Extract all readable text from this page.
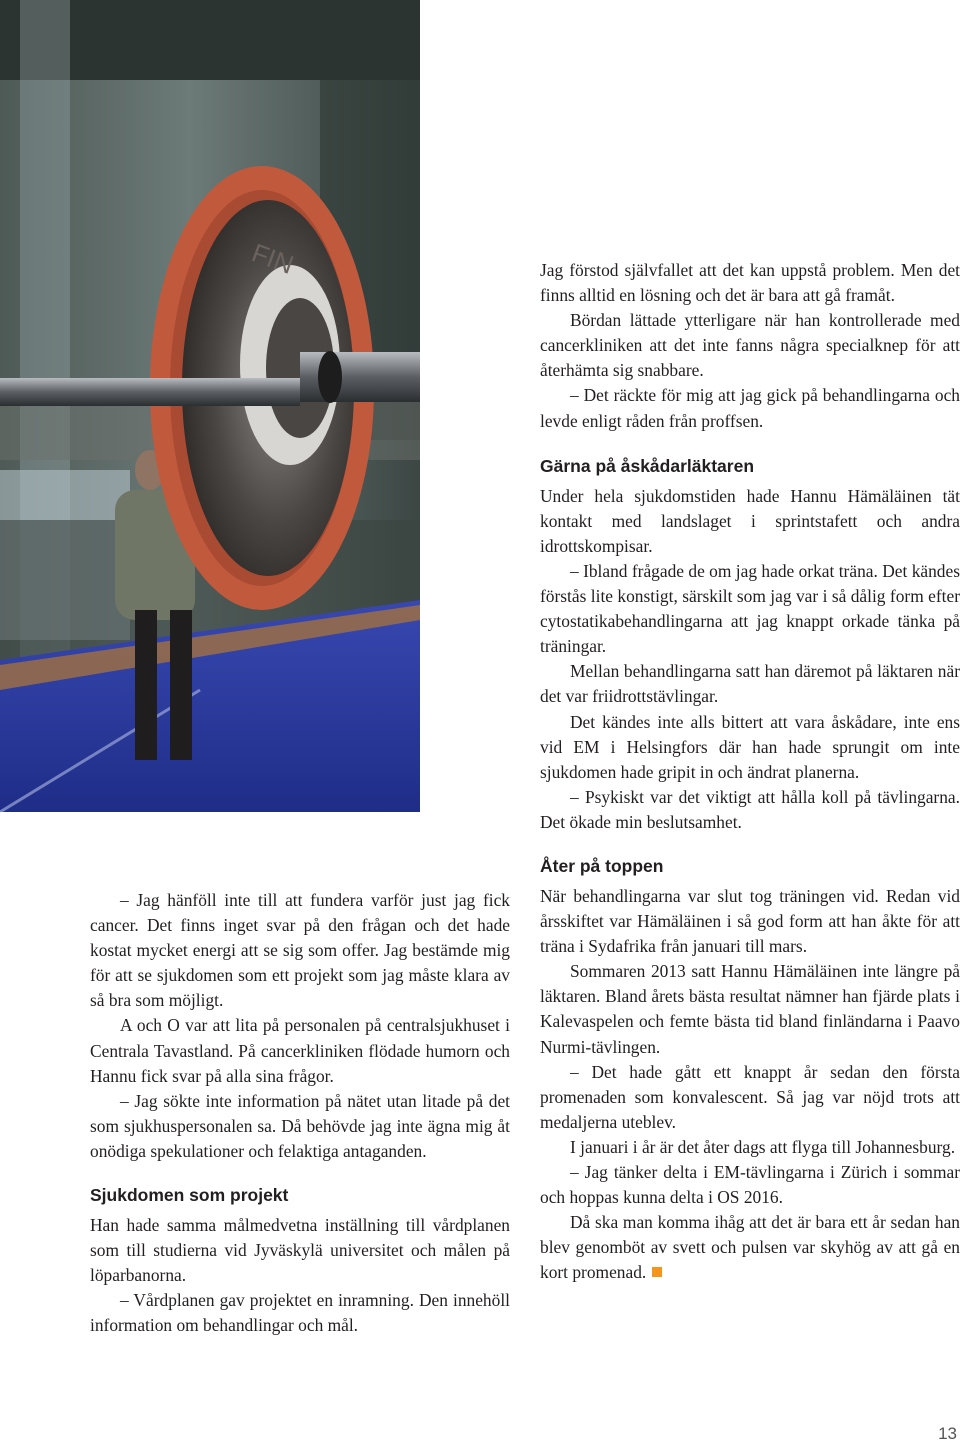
FIN

– Jag hänföll inte till att fundera varför just jag fick cancer. Det finns inget svar på den frågan och det hade kostat mycket energi att se sig som offer. Jag bestämde mig för att se sjukdomen som ett projekt som jag måste klara av så bra som möjligt.

A och O var att lita på personalen på centralsjukhuset i Centrala Tavastland. På cancerkliniken flödade humorn och Hannu fick svar på alla sina frågor.

– Jag sökte inte information på nätet utan litade på det som sjukhuspersonalen sa. Då behövde jag inte ägna mig åt onödiga spekulationer och felaktiga antaganden.

Sjukdomen som projekt

Han hade samma målmedvetna inställning till vårdplanen som till studierna vid Jyväskylä universitet och målen på löparbanorna.

– Vårdplanen gav projektet en inramning. Den innehöll information om behandlingar och mål.

Jag förstod självfallet att det kan uppstå problem. Men det finns alltid en lösning och det är bara att gå framåt.

Bördan lättade ytterligare när han kontrollerade med cancerkliniken att det inte fanns några specialknep för att återhämta sig snabbare.

– Det räckte för mig att jag gick på behandlingarna och levde enligt råden från proffsen.

Gärna på åskådarläktaren

Under hela sjukdomstiden hade Hannu Hämäläinen tät kontakt med landslaget i sprintstafett och andra idrottskompisar.

– Ibland frågade de om jag hade orkat träna. Det kändes förstås lite konstigt, särskilt som jag var i så dålig form efter cytostatikabehandlingarna att jag knappt orkade tänka på träningar.

Mellan behandlingarna satt han däremot på läktaren när det var friidrottstävlingar.

Det kändes inte alls bittert att vara åskådare, inte ens vid EM i Helsingfors där han hade sprungit om inte sjukdomen hade gripit in och ändrat planerna.

– Psykiskt var det viktigt att hålla koll på tävlingarna. Det ökade min beslutsamhet.

Åter på toppen

När behandlingarna var slut tog träningen vid. Redan vid årsskiftet var Hämäläinen i så god form att han åkte för att träna i Sydafrika från januari till mars.

Sommaren 2013 satt Hannu Hämäläinen inte längre på läktaren. Bland årets bästa resultat nämner han fjärde plats i Kalevaspelen och femte bästa tid bland finländarna i Paavo Nurmi-tävlingen.

– Det hade gått ett knappt år sedan den första promenaden som konvalescent. Så jag var nöjd trots att medaljerna uteblev.

I januari i år är det åter dags att flyga till Johannesburg.

– Jag tänker delta i EM-tävlingarna i Zürich i sommar och hoppas kunna delta i OS 2016.

Då ska man komma ihåg att det är bara ett år sedan han blev genomböt av svett och pulsen var skyhög av att gå en kort promenad.

13
